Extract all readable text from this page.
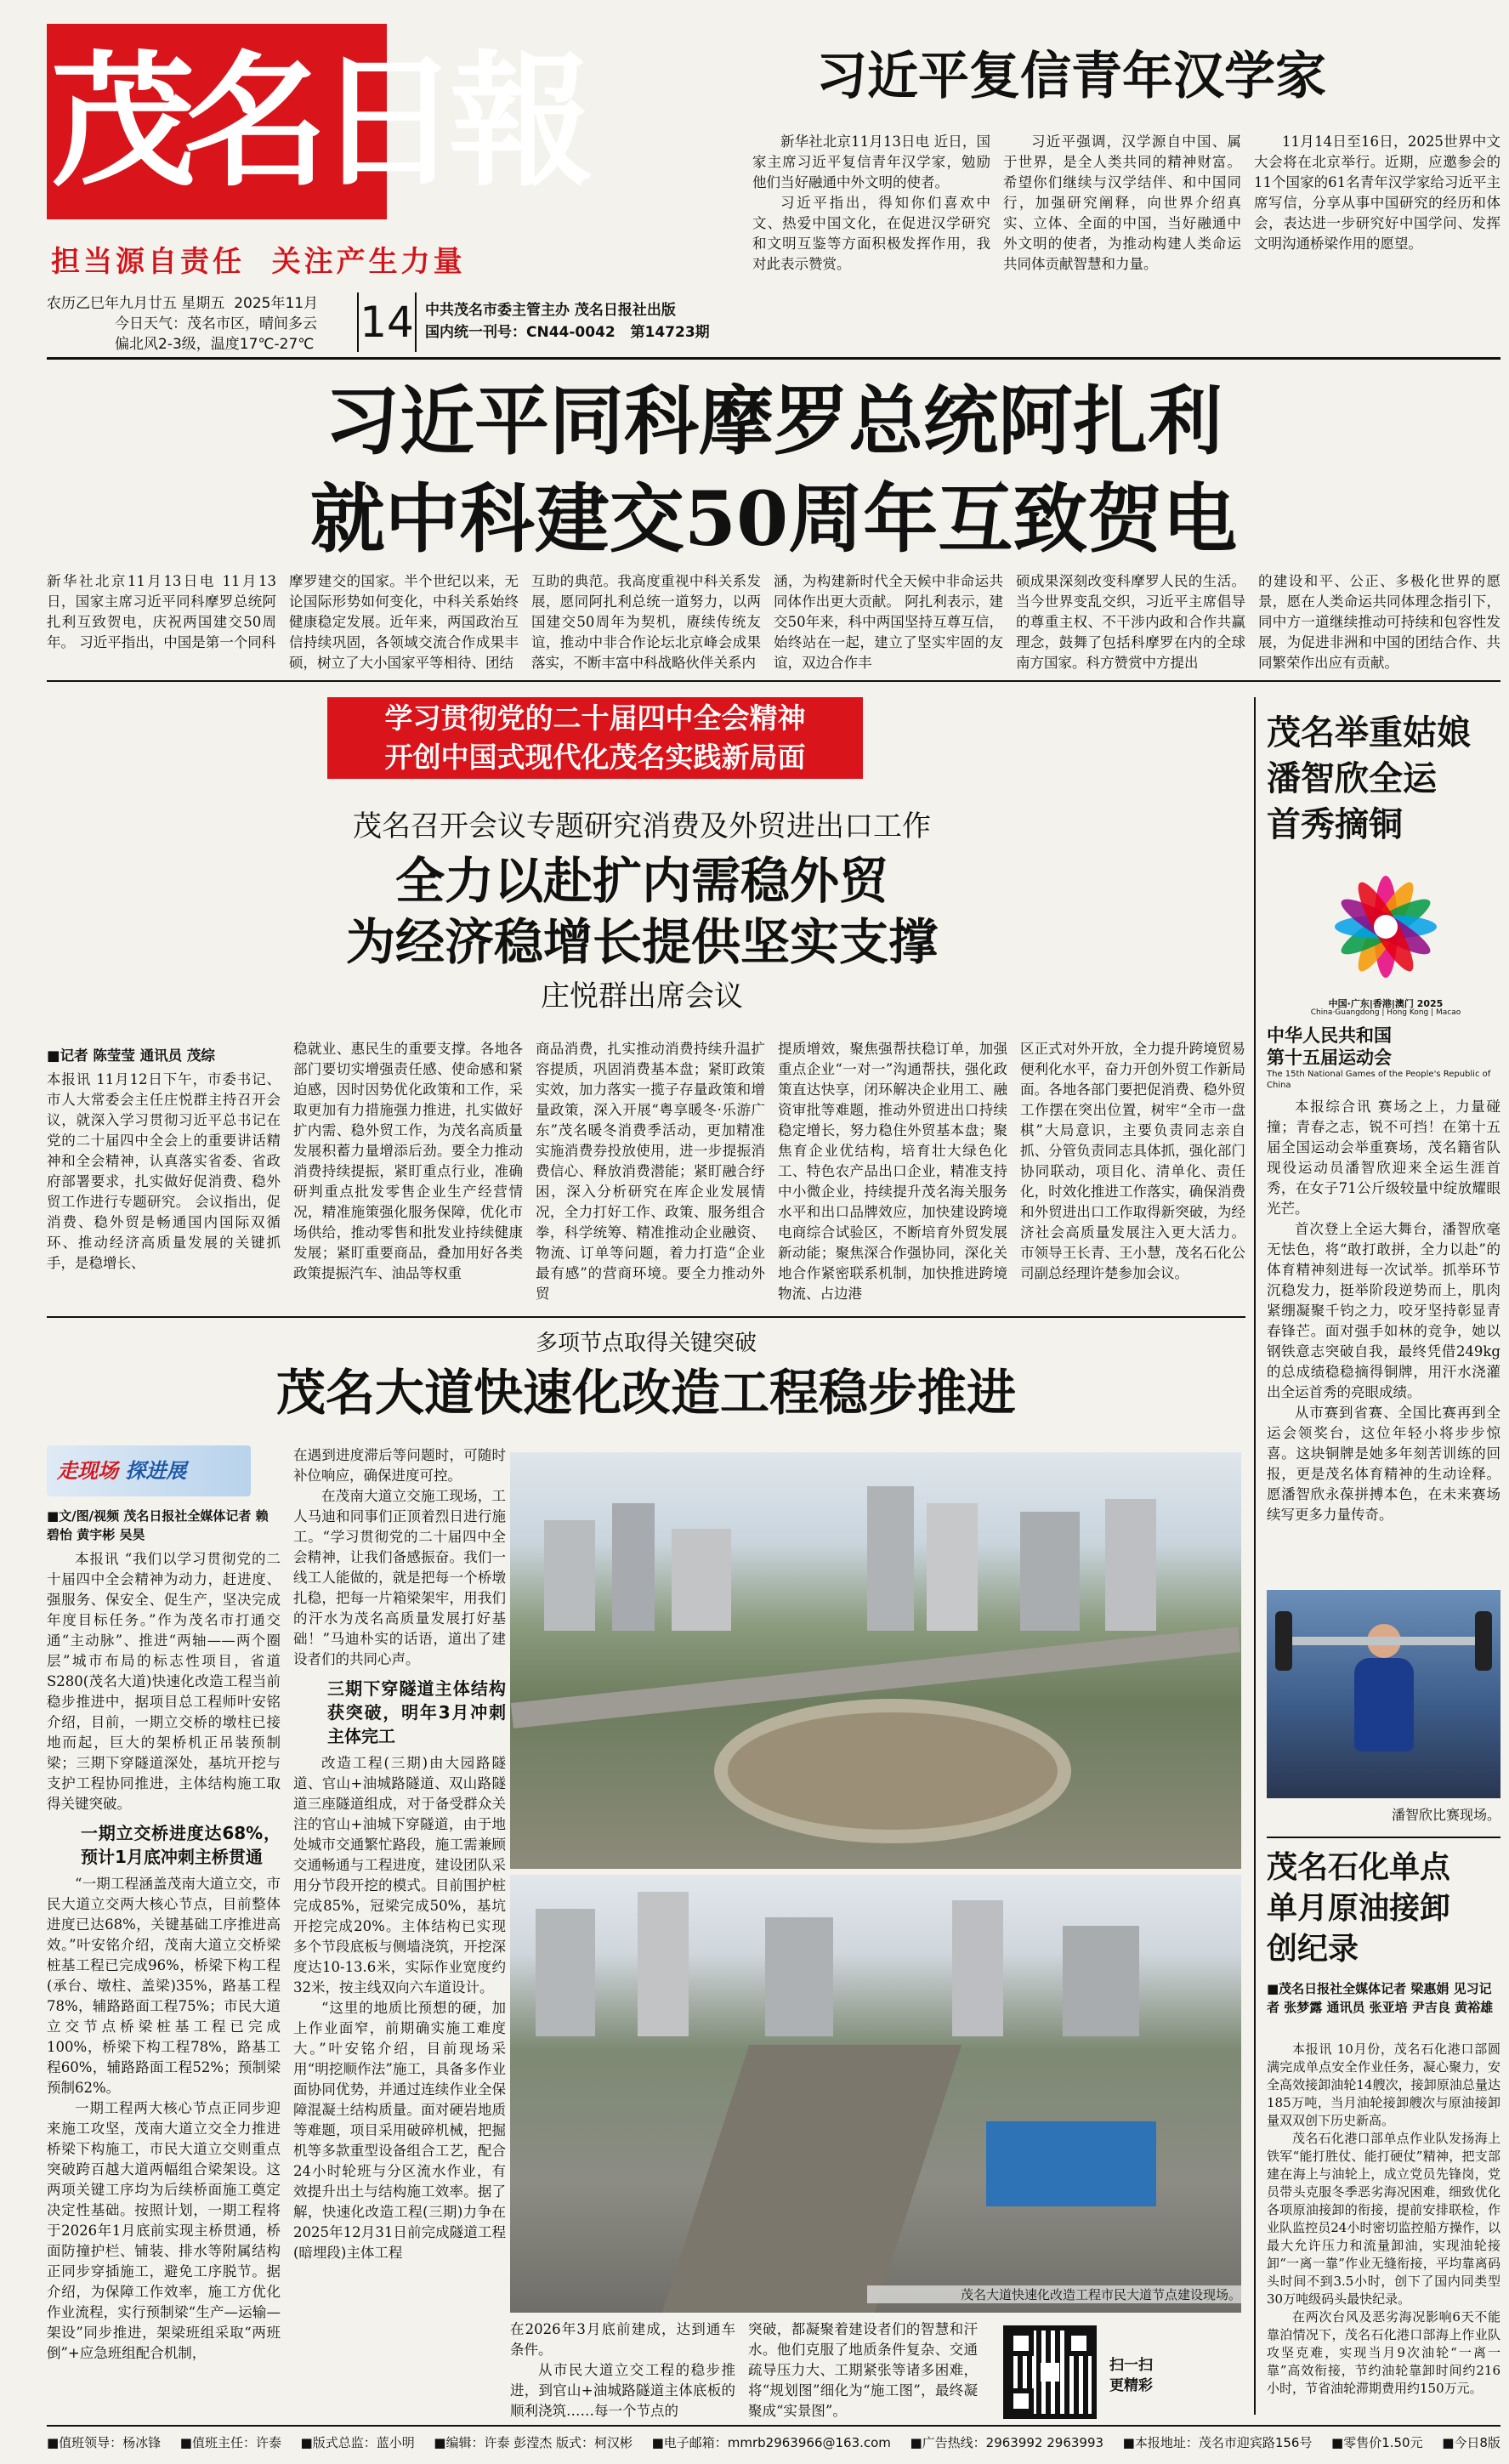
茂名日報
担当源自责任  关注产生力量
农历乙巳年九月廿五 星期五 2025年11月
今日天气：茂名市区，晴间多云
偏北风2-3级，温度17℃-27℃	14 中共茂名市委主管主办 茂名日报社出版
国内统一刊号：CN44-0042 第14723期
习近平复信青年汉学家

新华社北京11月13日电 近日，国家主席习近平复信青年汉学家，勉励他们当好融通中外文明的使者。

习近平指出，得知你们喜欢中文、热爱中国文化，在促进汉学研究和文明互鉴等方面积极发挥作用，我对此表示赞赏。

习近平强调，汉学源自中国、属于世界，是全人类共同的精神财富。希望你们继续与汉学结伴、和中国同行，加强研究阐释，向世界介绍真实、立体、全面的中国，当好融通中外文明的使者，为推动构建人类命运共同体贡献智慧和力量。

11月14日至16日，2025世界中文大会将在北京举行。近期，应邀参会的11个国家的61名青年汉学家给习近平主席写信，分享从事中国研究的经历和体会，表达进一步研究好中国学问、发挥文明沟通桥梁作用的愿望。

习近平同科摩罗总统阿扎利
就中科建交50周年互致贺电
新华社北京11月13日电 11月13日，国家主席习近平同科摩罗总统阿扎利互致贺电，庆祝两国建交50周年。 习近平指出，中国是第一个同科
摩罗建交的国家。半个世纪以来，无论国际形势如何变化，中科关系始终健康稳定发展。近年来，两国政治互信持续巩固，各领域交流合作成果丰硕，树立了大小国家平等相待、团结
互助的典范。我高度重视中科关系发展，愿同阿扎利总统一道努力，以两国建交50周年为契机，赓续传统友谊，推动中非合作论坛北京峰会成果落实，不断丰富中科战略伙伴关系内
涵，为构建新时代全天候中非命运共同体作出更大贡献。 阿扎利表示，建交50年来，科中两国坚持互尊互信，始终站在一起，建立了坚实牢固的友谊，双边合作丰
硕成果深刻改变科摩罗人民的生活。当今世界变乱交织，习近平主席倡导的尊重主权、不干涉内政和合作共赢理念，鼓舞了包括科摩罗在内的全球南方国家。科方赞赏中方提出
的建设和平、公正、多极化世界的愿景，愿在人类命运共同体理念指引下，同中方一道继续推动可持续和包容性发展，为促进非洲和中国的团结合作、共同繁荣作出应有贡献。
学习贯彻党的二十届四中全会精神
开创中国式现代化茂名实践新局面
茂名召开会议专题研究消费及外贸进出口工作
全力以赴扩内需稳外贸
为经济稳增长提供坚实支撑
庄悦群出席会议
■记者 陈莹莹 通讯员 茂综
本报讯 11月12日下午，市委书记、市人大常委会主任庄悦群主持召开会议，就深入学习贯彻习近平总书记在党的二十届四中全会上的重要讲话精神和全会精神，认真落实省委、省政府部署要求，扎实做好促消费、稳外贸工作进行专题研究。 会议指出，促消费、稳外贸是畅通国内国际双循环、推动经济高质量发展的关键抓手，是稳增长、
稳就业、惠民生的重要支撑。各地各部门要切实增强责任感、使命感和紧迫感，因时因势优化政策和工作，采取更加有力措施强力推进，扎实做好扩内需、稳外贸工作，为茂名高质量发展积蓄力量增添后劲。要全力推动消费持续提振，紧盯重点行业，准确研判重点批发零售企业生产经营情况，精准施策强化服务保障，优化市场供给，推动零售和批发业持续健康发展；紧盯重要商品，叠加用好各类政策提振汽车、油品等权重
商品消费，扎实推动消费持续升温扩容提质，巩固消费基本盘；紧盯政策实效，加力落实一揽子存量政策和增量政策，深入开展“粤享暖冬·乐游广东”茂名暖冬消费季活动，更加精准实施消费券投放使用，进一步提振消费信心、释放消费潜能；紧盯融合纾困，深入分析研究在库企业发展情况，全力打好工作、政策、服务组合拳，科学统筹、精准推动企业融资、物流、订单等问题，着力打造“企业最有感”的营商环境。要全力推动外贸
提质增效，聚焦强帮扶稳订单，加强重点企业“一对一”沟通帮扶，强化政策直达快享，闭环解决企业用工、融资审批等难题，推动外贸进出口持续稳定增长，努力稳住外贸基本盘；聚焦育企业优结构，培育壮大绿色化工、特色农产品出口企业，精准支持中小微企业，持续提升茂名海关服务水平和出口品牌效应，加快建设跨境电商综合试验区，不断培育外贸发展新动能；聚焦深合作强协同，深化关地合作紧密联系机制，加快推进跨境物流、占边港
区正式对外开放，全力提升跨境贸易便利化水平，奋力开创外贸工作新局面。各地各部门要把促消费、稳外贸工作摆在突出位置，树牢“全市一盘棋”大局意识，主要负责同志亲自抓、分管负责同志具体抓，强化部门协同联动，项目化、清单化、责任化，时效化推进工作落实，确保消费和外贸进出口工作取得新突破，为经济社会高质量发展注入更大活力。 市领导王长青、王小慧，茂名石化公司副总经理许楚参加会议。
茂名举重姑娘
潘智欣全运
首秀摘铜
中国·广东|香港|澳门 2025
China·Guangdong | Hong Kong | Macao
中华人民共和国
第十五届运动会
The 15th National Games of the People's Republic of China

本报综合讯 赛场之上，力量碰撞；青春之志，锐不可挡！在第十五届全国运动会举重赛场，茂名籍省队现役运动员潘智欣迎来全运生涯首秀，在女子71公斤级较量中绽放耀眼光芒。

首次登上全运大舞台，潘智欣毫无怯色，将“敢打敢拼，全力以赴”的体育精神刻进每一次试举。抓举环节沉稳发力，挺举阶段逆势而上，肌肉紧绷凝聚千钧之力，咬牙坚持彰显青春锋芒。面对强手如林的竞争，她以钢铁意志突破自我，最终凭借249kg的总成绩稳稳摘得铜牌，用汗水浇灌出全运首秀的亮眼成绩。

从市赛到省赛、全国比赛再到全运会领奖台，这位年轻小将步步惊喜。这块铜牌是她多年刻苦训练的回报，更是茂名体育精神的生动诠释。愿潘智欣永葆拼搏本色，在未来赛场续写更多力量传奇。

潘智欣比赛现场。
茂名石化单点
单月原油接卸
创纪录
■茂名日报社全媒体记者 梁惠娟 见习记者 张梦露 通讯员 张亚培 尹吉良 黄裕雄

本报讯 10月份，茂名石化港口部圆满完成单点安全作业任务，凝心聚力，安全高效接卸油轮14艘次，接卸原油总量达185万吨，当月油轮接卸艘次与原油接卸量双双创下历史新高。

茂名石化港口部单点作业队发扬海上铁军“能打胜仗、能打硬仗”精神，把支部建在海上与油轮上，成立党员先锋岗，党员带头克服冬季恶劣海况困难，细致优化各项原油接卸的衔接，提前安排联检，作业队监控员24小时密切监控船方操作，以最大允许压力和流量卸油，实现油轮接卸“一离一靠”作业无缝衔接，平均靠离码头时间不到3.5小时，创下了国内同类型30万吨级码头最快纪录。

在两次台风及恶劣海况影响6天不能靠泊情况下，茂名石化港口部海上作业队攻坚克难，实现当月9次油轮“一离一靠”高效衔接，节约油轮靠卸时间约216小时，节省油轮滞期费用约150万元。

多项节点取得关键突破
茂名大道快速化改造工程稳步推进
走现场 探进展
■文/图/视频 茂名日报社全媒体记者 赖碧怡 黄宇彬 吴昊

本报讯 “我们以学习贯彻党的二十届四中全会精神为动力，赶进度、强服务、保安全、促生产，坚决完成年度目标任务。”作为茂名市打通交通“主动脉”、推进“两轴——两个圈层”城市布局的标志性项目，省道S280(茂名大道)快速化改造工程当前稳步推进中，据项目总工程师叶安铭介绍，目前，一期立交桥的墩柱已接地而起，巨大的架桥机正吊装预制梁；三期下穿隧道深处，基坑开挖与支护工程协同推进，主体结构施工取得关键突破。

一期立交桥进度达68%，预计1月底冲刺主桥贯通

“一期工程涵盖茂南大道立交，市民大道立交两大核心节点，目前整体进度已达68%，关键基础工序推进高效。”叶安铭介绍，茂南大道立交桥梁桩基工程已完成96%，桥梁下构工程(承台、墩柱、盖梁)35%，路基工程78%，辅路路面工程75%；市民大道立交节点桥梁桩基工程已完成100%，桥梁下构工程78%，路基工程60%，辅路路面工程52%；预制梁预制62%。

一期工程两大核心节点正同步迎来施工攻坚，茂南大道立交全力推进桥梁下构施工，市民大道立交则重点突破跨百越大道两幅组合梁架设。这两项关键工序均为后续桥面施工奠定决定性基础。按照计划，一期工程将于2026年1月底前实现主桥贯通，桥面防撞护栏、铺装、排水等附属结构正同步穿插施工，避免工序脱节。据介绍，为保障工作效率，施工方优化作业流程，实行预制梁“生产—运输—架设”同步推进，架梁班组采取“两班倒”+应急班组配合机制，

在遇到进度滞后等问题时，可随时补位响应，确保进度可控。

在茂南大道立交施工现场，工人马迪和同事们正顶着烈日进行施工。“学习贯彻党的二十届四中全会精神，让我们备感振奋。我们一线工人能做的，就是把每一个桥墩扎稳，把每一片箱梁架牢，用我们的汗水为茂名高质量发展打好基础！”马迪朴实的话语，道出了建设者们的共同心声。

三期下穿隧道主体结构获突破，明年3月冲刺主体完工

改造工程(三期)由大园路隧道、官山+油城路隧道、双山路隧道三座隧道组成，对于备受群众关注的官山+油城下穿隧道，由于地处城市交通繁忙路段，施工需兼顾交通畅通与工程进度，建设团队采用分节段开挖的模式。目前围护桩完成85%，冠梁完成50%，基坑开挖完成20%。主体结构已实现多个节段底板与侧墙浇筑，开挖深度达10-13.6米，实际作业宽度约32米，按主线双向六车道设计。

“这里的地质比预想的硬，加上作业面窄，前期确实施工难度大。”叶安铭介绍，目前现场采用“明挖顺作法”施工，具备多作业面协同优势，并通过连续作业全保障混凝土结构质量。面对硬岩地质等难题，项目采用破碎机械，把掘机等多款重型设备组合工艺，配合24小时轮班与分区流水作业，有效提升出土与结构施工效率。据了解，快速化改造工程(三期)力争在2025年12月31日前完成隧道工程(暗埋段)主体工程

茂名大道快速化改造工程市民大道节点建设现场。

在2026年3月底前建成，达到通车条件。

从市民大道立交工程的稳步推进，到官山+油城路隧道主体底板的顺利浇筑……每一个节点的

突破，都凝聚着建设者们的智慧和汗水。他们克服了地质条件复杂、交通疏导压力大、工期紧张等诸多困难，将“规划图”细化为“施工图”，最终凝聚成“实景图”。

扫一扫
更精彩
■值班领导：杨冰锋 ■值班主任：许泰 ■版式总监：蓝小明 ■编辑：许泰 彭滢杰 版式：柯汉彬 ■电子邮箱：mmrb2963966@163.com ■广告热线：2963992 2963993 ■本报地址：茂名市迎宾路156号 ■零售价1.50元 ■今日8版
